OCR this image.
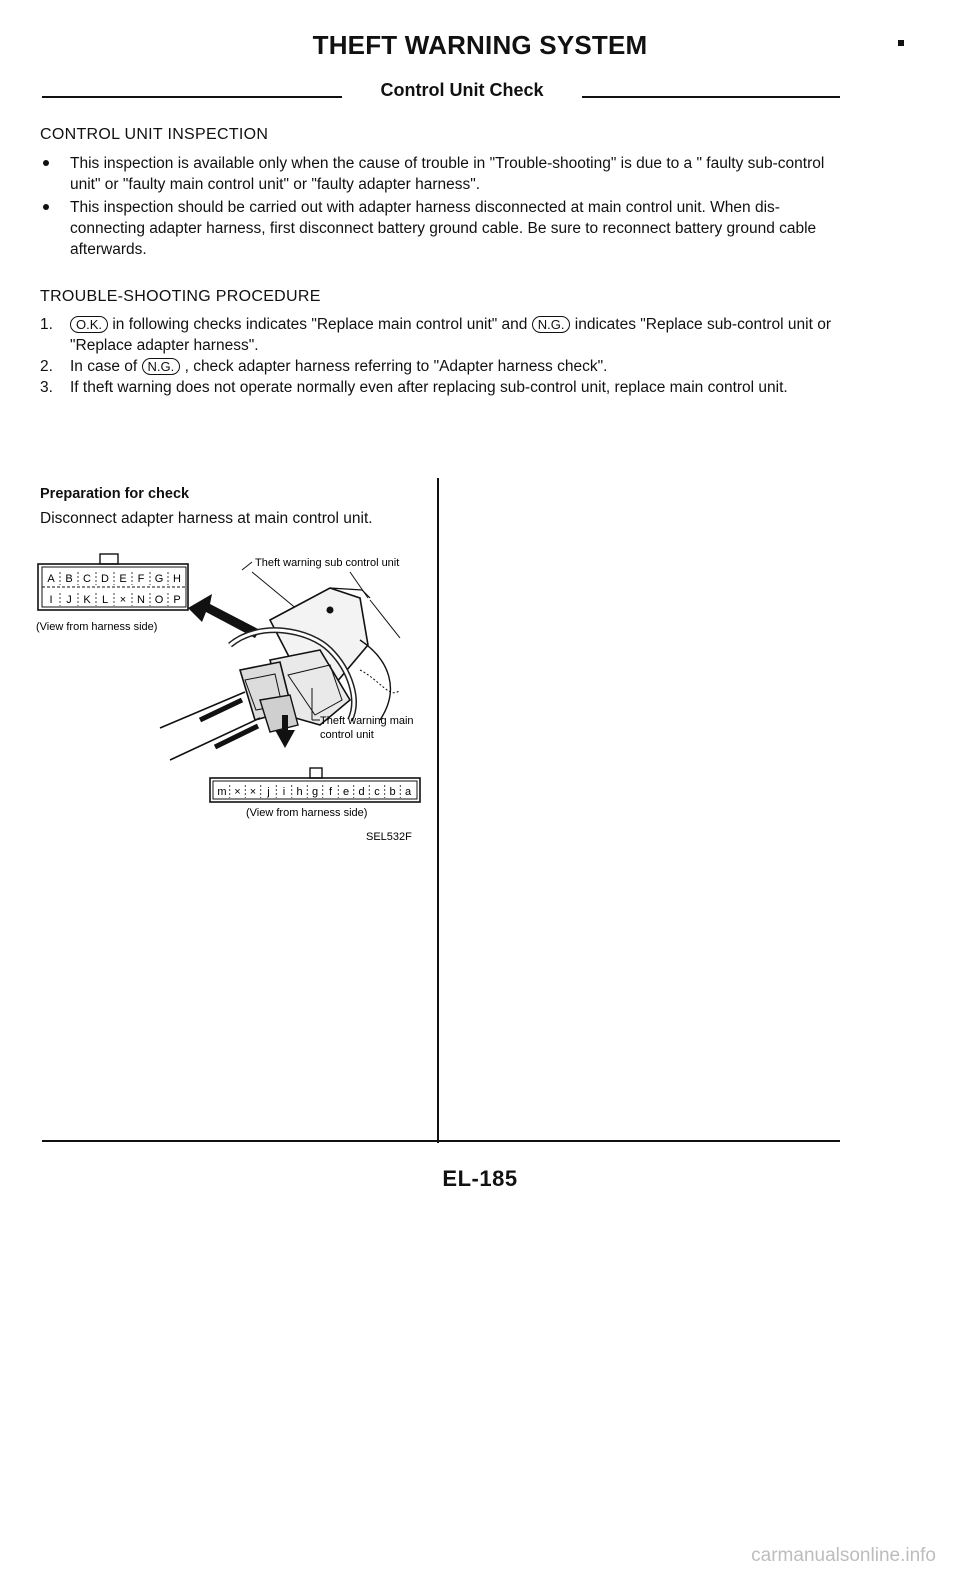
THEFT WARNING SYSTEM
Control Unit Check
CONTROL UNIT INSPECTION
This inspection is available only when the cause of trouble in "Trouble-shooting" is due to a " faulty sub-control unit" or "faulty main control unit" or "faulty adapter harness".
This inspection should be carried out with adapter harness disconnected at main control unit. When dis-connecting adapter harness, first disconnect battery ground cable. Be sure to reconnect battery ground cable afterwards.
TROUBLE-SHOOTING PROCEDURE
1. O.K. in following checks indicates "Replace main control unit" and N.G. indicates "Replace sub-control unit or "Replace adapter harness".
2. In case of N.G. , check adapter harness referring to "Adapter harness check".
3. If theft warning does not operate normally even after replacing sub-control unit, replace main control unit.
Preparation for check
Disconnect adapter harness at main control unit.
A B C D E F G H
I J K L × N O P
(View from harness side)
Theft warning sub control unit
Theft warning main
control unit
m × × j i h g f e d c b a
(View from harness side)
SEL532F
EL-185
carmanualsonline.info
